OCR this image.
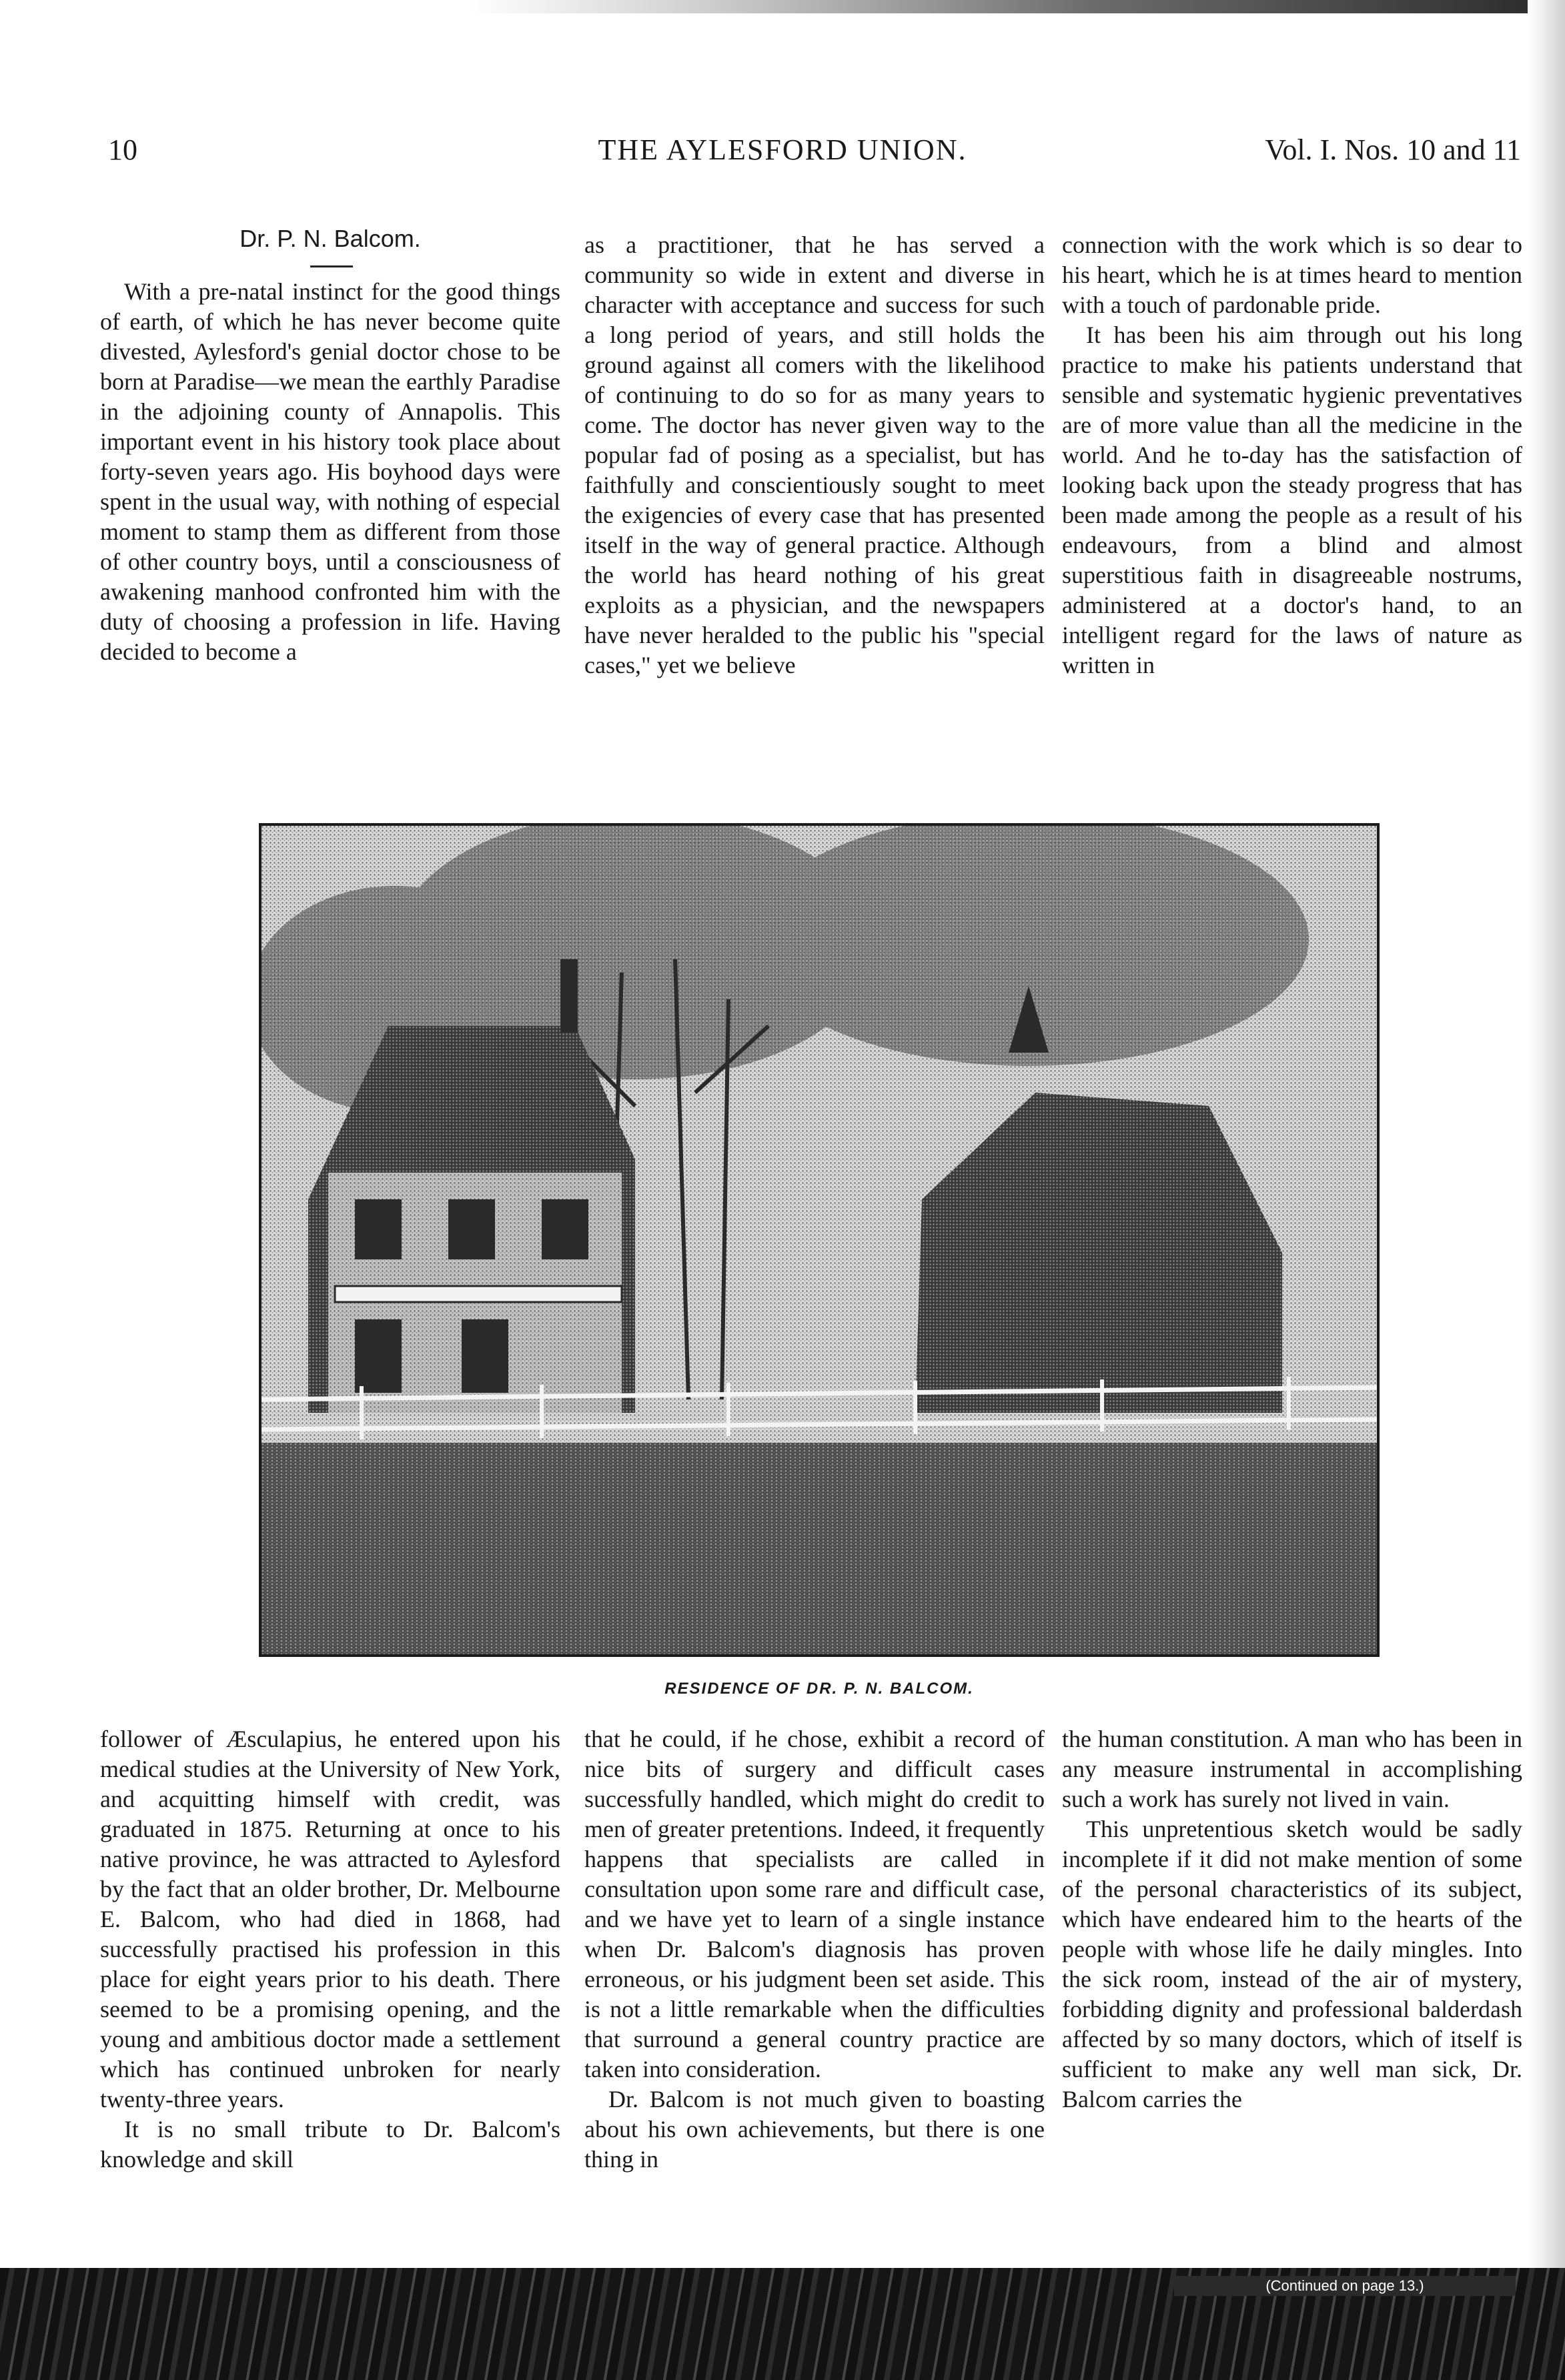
10	THE AYLESFORD UNION.	Vol. I. Nos. 10 and 11
Dr. P. N. Balcom.

With a pre-natal instinct for the good things of earth, of which he has never become quite divested, Aylesford's genial doctor chose to be born at Paradise—we mean the earthly Paradise in the adjoining county of Annapolis. This important event in his history took place about forty-seven years ago. His boyhood days were spent in the usual way, with nothing of especial moment to stamp them as different from those of other country boys, until a consciousness of awakening manhood confronted him with the duty of choosing a profession in life. Having decided to become a

as a practitioner, that he has served a community so wide in extent and diverse in character with acceptance and success for such a long period of years, and still holds the ground against all comers with the likelihood of continuing to do so for as many years to come. The doctor has never given way to the popular fad of posing as a specialist, but has faithfully and conscientiously sought to meet the exigencies of every case that has presented itself in the way of general practice. Although the world has heard nothing of his great exploits as a physician, and the newspapers have never heralded to the public his "special cases," yet we believe

connection with the work which is so dear to his heart, which he is at times heard to mention with a touch of pardonable pride.

It has been his aim through out his long practice to make his patients understand that sensible and systematic hygienic preventatives are of more value than all the medicine in the world. And he to-day has the satisfaction of looking back upon the steady progress that has been made among the people as a result of his endeavours, from a blind and almost superstitious faith in disagreeable nostrums, administered at a doctor's hand, to an intelligent regard for the laws of nature as written in

RESIDENCE OF DR. P. N. BALCOM.

follower of Æsculapius, he entered upon his medical studies at the University of New York, and acquitting himself with credit, was graduated in 1875. Returning at once to his native province, he was attracted to Aylesford by the fact that an older brother, Dr. Melbourne E. Balcom, who had died in 1868, had successfully practised his profession in this place for eight years prior to his death. There seemed to be a promising opening, and the young and ambitious doctor made a settlement which has continued unbroken for nearly twenty-three years.

It is no small tribute to Dr. Balcom's knowledge and skill

that he could, if he chose, exhibit a record of nice bits of surgery and difficult cases successfully handled, which might do credit to men of greater pretentions. Indeed, it frequently happens that specialists are called in consultation upon some rare and difficult case, and we have yet to learn of a single instance when Dr. Balcom's diagnosis has proven erroneous, or his judgment been set aside. This is not a little remarkable when the difficulties that surround a general country practice are taken into consideration.

Dr. Balcom is not much given to boasting about his own achievements, but there is one thing in

the human constitution. A man who has been in any measure instrumental in accomplishing such a work has surely not lived in vain.

This unpretentious sketch would be sadly incomplete if it did not make mention of some of the personal characteristics of its subject, which have endeared him to the hearts of the people with whose life he daily mingles. Into the sick room, instead of the air of mystery, forbidding dignity and professional balderdash affected by so many doctors, which of itself is sufficient to make any well man sick, Dr. Balcom carries the

(Continued on page 13.)
